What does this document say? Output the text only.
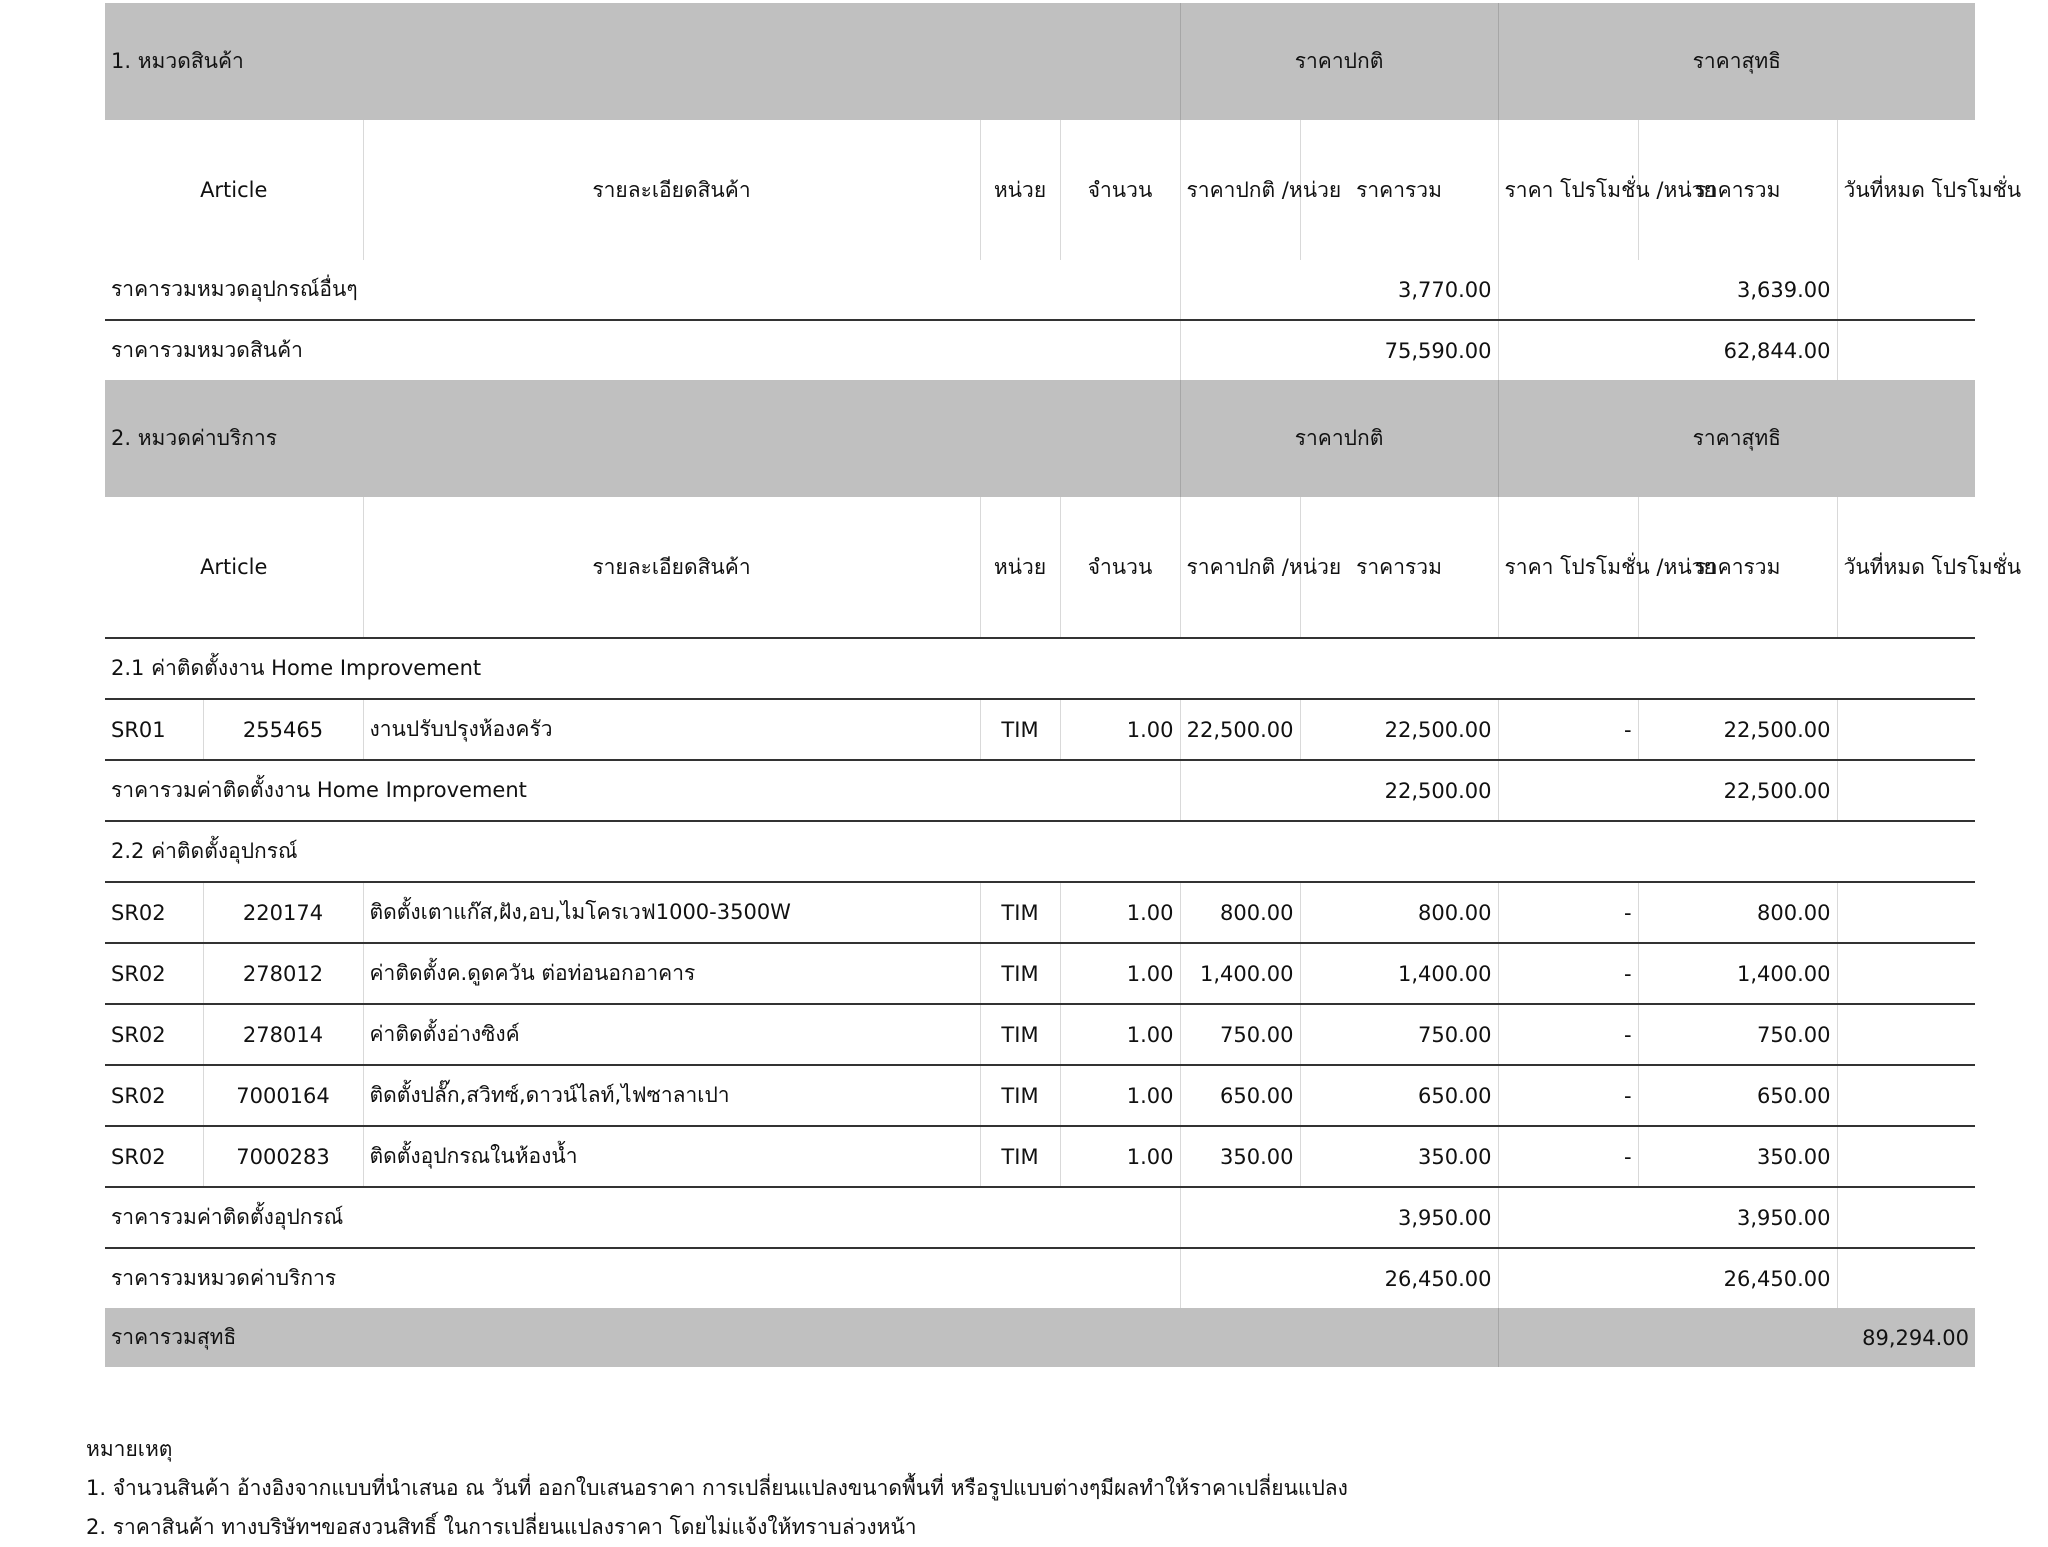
1. หมวดสินค้า					ราคาปกติ		ราคาสุทธิ		
Article		รายละเอียดสินค้า	หน่วย	จำนวน	ราคาปกติ /หน่วย	ราคารวม	ราคา โปรโมชั่น /หน่วย	ราคารวม	วันที่หมด โปรโมชั่น
ราคารวมหมวดอุปกรณ์อื่นๆ					3,770.00		3,639.00		
ราคารวมหมวดสินค้า					75,590.00		62,844.00		
2. หมวดค่าบริการ					ราคาปกติ		ราคาสุทธิ		
Article		รายละเอียดสินค้า	หน่วย	จำนวน	ราคาปกติ /หน่วย	ราคารวม	ราคา โปรโมชั่น /หน่วย	ราคารวม	วันที่หมด โปรโมชั่น
2.1 ค่าติดตั้งงาน Home Improvement									
SR01	255465	งานปรับปรุงห้องครัว	TIM	1.00	22,500.00	22,500.00	-	22,500.00	
ราคารวมค่าติดตั้งงาน Home Improvement					22,500.00		22,500.00		
2.2 ค่าติดตั้งอุปกรณ์									
SR02	220174	ติดตั้งเตาแก๊ส,ฝัง,อบ,ไมโครเวฟ1000-3500W	TIM	1.00	800.00	800.00	-	800.00	
SR02	278012	ค่าติดตั้งค.ดูดควัน ต่อท่อนอกอาคาร	TIM	1.00	1,400.00	1,400.00	-	1,400.00	
SR02	278014	ค่าติดตั้งอ่างซิงค์	TIM	1.00	750.00	750.00	-	750.00	
SR02	7000164	ติดตั้งปลั๊ก,สวิทซ์,ดาวน์ไลท์,ไฟซาลาเปา	TIM	1.00	650.00	650.00	-	650.00	
SR02	7000283	ติดตั้งอุปกรณในห้องน้ำ	TIM	1.00	350.00	350.00	-	350.00	
ราคารวมค่าติดตั้งอุปกรณ์					3,950.00		3,950.00		
ราคารวมหมวดค่าบริการ					26,450.00		26,450.00		
ราคารวมสุทธิ							89,294.00		

หมายเหตุ

1. จำนวนสินค้า อ้างอิงจากแบบที่นำเสนอ ณ วันที่ ออกใบเสนอราคา การเปลี่ยนแปลงขนาดพื้นที่ หรือรูปแบบต่างๆมีผลทำให้ราคาเปลี่ยนแปลง

2. ราคาสินค้า ทางบริษัทฯขอสงวนสิทธิ์ ในการเปลี่ยนแปลงราคา โดยไม่แจ้งให้ทราบล่วงหน้า
